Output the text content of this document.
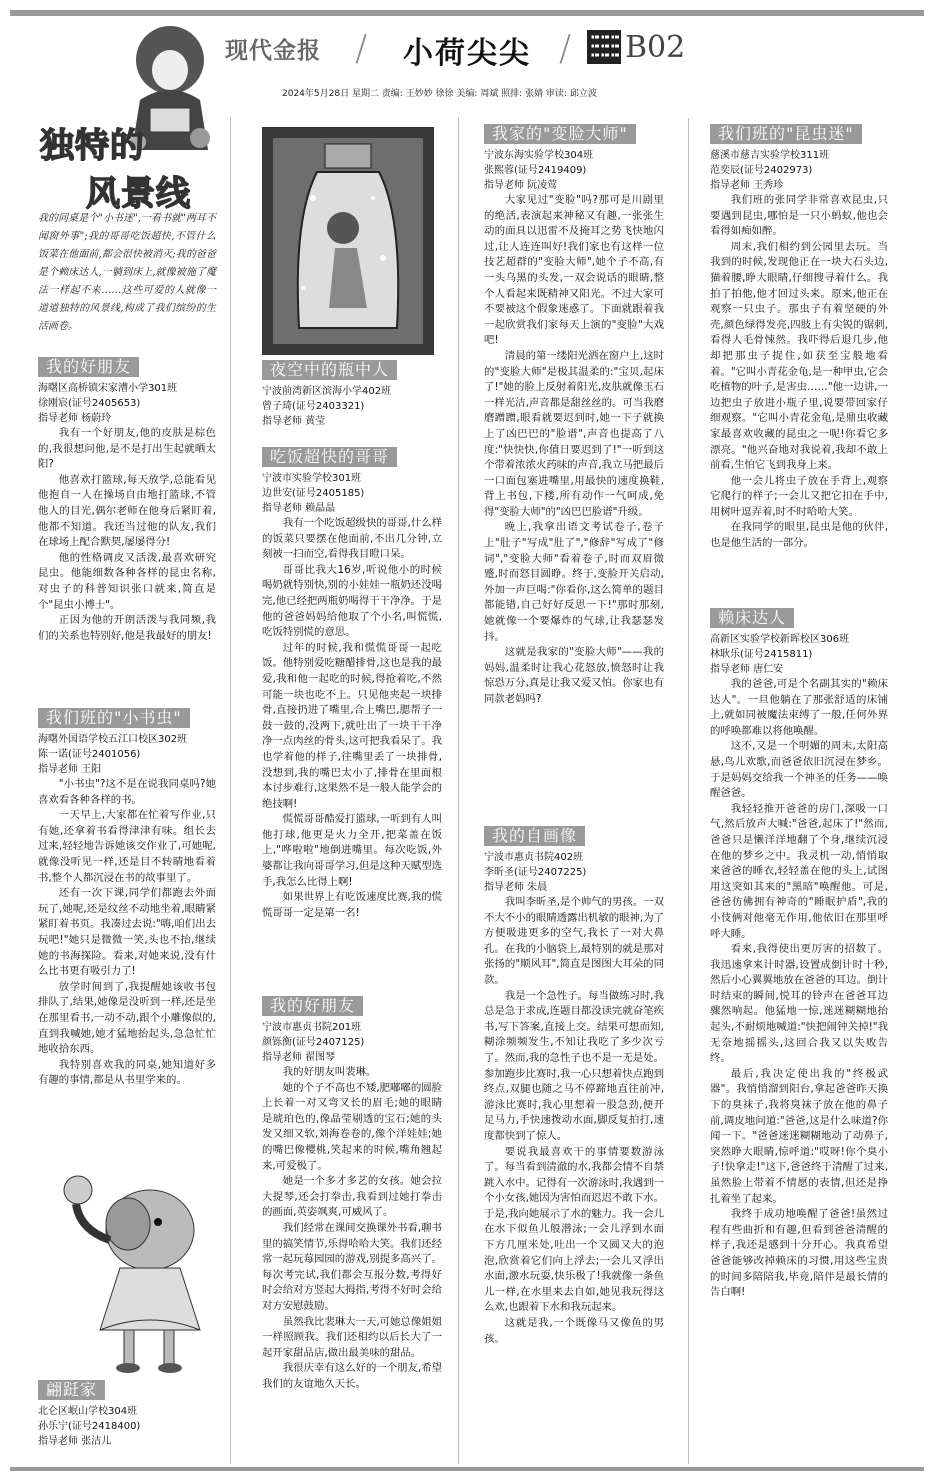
现代金报 / 小荷尖尖 / B02
2024年5月28日 星期二 责编: 王妙妙 徐徐 美编: 周斌 照排: 张婧 审读: 邱立波
独特的
风景线
我的同桌是个"小书迷",一看书就"两耳不闻窗外事";我的哥哥吃饭超快,不管什么饭菜在他面前,都会很快被消灭;我的爸爸是个赖床达人,一躺到床上,就像被施了魔法一样起不来……这些可爱的人就像一道道独特的风景线,构成了我们缤纷的生活画卷。
我的好朋友
海曙区高桥镇宋家漕小学301班
徐刚宸(证号2405653)
指导老师 杨蔚玲

我有一个好朋友,他的皮肤是棕色的,我很想问他,是不是打出生起就晒太阳?

他喜欢打篮球,每天放学,总能看见他抱自一人在操场自由地打篮球,不管他人的目光,偶尔老师在他身后紧盯着,他都不知道。我还当过他的队友,我们在球场上配合默契,屡屡得分!

他的性格调皮又活泼,最喜欢研究昆虫。他能细数各种各样的昆虫名称,对虫子的科普知识张口就来,简直是个"昆虫小博士"。

正因为他的开朗活泼与我同频,我们的关系也特别好,他是我最好的朋友!

我们班的"小书虫"
海曙外国语学校五江口校区302班
陈一诺(证号2401056)
指导老师 王阳

"小书虫"?这不是在说我同桌吗?她喜欢看各种各样的书。

一天早上,大家都在忙着写作业,只有她,还拿着书看得津津有味。组长去过来,轻轻地告诉她该交作业了,可她呢,就像没听见一样,还是目不转睛地看着书,整个人都沉浸在书的故事里了。

还有一次下课,同学们都跑去外面玩了,她呢,还是纹丝不动地坐着,眼睛紧紧盯着书页。我凑过去说:"嗨,咱们出去玩吧!"她只是微微一笑,头也不抬,继续她的书海探险。看来,对她来说,没有什么比书更有吸引力了!

放学时间到了,我提醒她该收书包排队了,结果,她像是没听到一样,还是坐在那里看书,一动不动,跟个小雕像似的,直到我喊她,她才猛地抬起头,急急忙忙地收拾东西。

我特别喜欢我的同桌,她知道好多有趣的事情,都是从书里学来的。

翩跹家
北仑区岷山学校304班
孙乐宁(证号2418400)
指导老师 张洁儿
夜空中的瓶中人
宁波前湾新区滨海小学402班
曾子琦(证号2403321)
指导老师 黄莹
吃饭超快的哥哥
宁波市实验学校301班
边世安(证号2405185)
指导老师 赖晶晶

我有一个吃饭超级快的哥哥,什么样的饭菜只要摆在他面前,不出几分钟,立刻被一扫而空,看得我目瞪口呆。

哥哥比我大16岁,听说他小的时候喝奶就特别快,别的小娃娃一瓶奶还没喝完,他已经把两瓶奶喝得干干净净。于是他的爸爸妈妈给他取了个小名,叫慌慌,吃饭特别慌的意思。

过年的时候,我和慌慌哥哥一起吃饭。他特别爱吃糖醋排骨,这也是我的最爱,我和他一起吃的时候,得抢着吃,不然可能一块也吃不上。只见他夹起一块排骨,直接扔进了嘴里,合上嘴巴,腮帮子一鼓一鼓的,没两下,就吐出了一块干干净净一点肉丝的骨头,这可把我看呆了。我也学着他的样子,往嘴里丢了一块排骨,没想到,我的嘴巴太小了,排骨在里面根本讨步难行,这果然不是一般人能学会的绝技啊!

慌慌哥哥酷爱打篮球,一听到有人叫他打球,他更是火力全开,把菜盖在饭上,"哗啦啦"地倒进嘴里。每次吃饭,外婆都让我向哥哥学习,但是这种天赋型选手,我怎么比得上啊!

如果世界上有吃饭速度比赛,我的慌慌哥哥一定是第一名!

我的好朋友
宁波市惠贞书院201班
颜铄衡(证号2407125)
指导老师 翟图琴

我的好朋友叫裴琳。

她的个子不高也不矮,肥嘟嘟的圆脸上长着一对又弯又长的眉毛;她的眼睛是琥珀色的,像晶莹剔透的宝石;她的头发又细又软,刘海卷卷的,像个洋娃娃;她的嘴巴像樱桃,笑起来的时候,嘴角翘起来,可爱极了。

她是一个多才多艺的女孩。她会拉大提琴,还会打拳击,我看到过她打拳击的画面,英姿飒爽,可威风了。

我们经常在课间交换课外书看,聊书里的搞笑情节,乐得哈哈大笑。我们还经常一起玩莓园园的游戏,别提多高兴了。每次考完试,我们都会互报分数,考得好时会给对方竖起大拇指,考得不好时会给对方安慰鼓励。

虽然我比裴琳大一天,可她总像姐姐一样照顾我。我们还相约以后长大了一起开家甜品店,做出最美味的甜品。

我很庆幸有这么好的一个朋友,希望我们的友谊地久天长。

我家的"变脸大师"
宁波东海实验学校304班
张熙蓉(证号2419409)
指导老师 阮凌莺

大家见过"变脸"吗?那可是川剧里的绝活,表演起来神秘又有趣,一张张生动的面具以迅雷不及掩耳之势飞快地闪过,让人连连叫好!我们家也有这样一位技艺超群的"变脸大师",她个子不高,有一头乌黑的头发,一双会说话的眼睛,整个人看起来既精神又阳光。不过大家可不要被这个假象迷惑了。下面就跟着我一起欣赏我们家每天上演的"变脸"大戏吧!

清晨的第一缕阳光洒在窗户上,这时的"变脸大师"是极其温柔的:"宝贝,起床了!"她的脸上反射着阳光,皮肤就像玉石一样光洁,声音都是甜丝丝的。可当我磨磨蹭蹭,眼看就要迟到时,她一下子就换上了凶巴巴的"脸谱",声音也提高了八度:"快快快,你值日要迟到了!"一听到这个带着浓浓火药味的声音,我立马把最后一口面包塞进嘴里,用最快的速度换鞋,背上书包,下楼,所有动作一气呵成,免得"变脸大师"的"凶巴巴脸谱"升级。

晚上,我拿出语文考试卷子,卷子上"肚子"写成"肚了","修辞"写成了"修词","变脸大师"看着卷子,时而双眉微蹙,时而怒目圆睁。终于,变脸开关启动,外加一声巨喝:"你看你,这么简单的题目都能错,自己好好反思一下!"那时那刻,她就像一个要爆炸的气球,让我瑟瑟发抖。

这就是我家的"变脸大师"——我的妈妈,温柔时让我心花怒放,愤怒时让我惊恐万分,真是让我又爱又怕。你家也有同款老妈吗?

我的自画像
宁波市惠贞书院402班
李昕圣(证号2407225)
指导老师 朱晨

我叫李昕圣,是个帅气的男孩。一双不大不小的眼睛透露出机敏的眼神,为了方便吸进更多的空气,我长了一对大鼻孔。在我的小脑袋上,最特别的就是那对张扬的"顺风耳",简直是图图大耳朵的同款。

我是一个急性子。每当做练习时,我总是急于求成,连题目都没读完就奋笔疾书,写下答案,直接上交。结果可想而知,糊涂频频发生,不知让我吃了多少次亏了。然而,我的急性子也不是一无是处。参加跑步比赛时,我一心只想着快点跑到终点,双腿也随之马不停蹄地直往前冲,游泳比赛时,我心里想着一股急劲,便开足马力,手快速拨动水面,脚反复拍打,速度都快到了惊人。

要说我最喜欢干的事情要数游泳了。每当看到清澈的水,我都会情不自禁跳入水中。记得有一次游泳时,我遇到一个小女孩,她因为害怕而迟迟不敢下水。于是,我向她展示了水的魅力。我一会儿在水下似鱼儿般潜泳;一会儿浮到水面下方几厘米处,吐出一个又圆又大的泡泡,欣赏着它们向上浮去;一会儿又浮出水面,激水玩耍,快乐极了!我就像一条鱼儿一样,在水里来去自如,她见我玩得这么欢,也跟着下水和我玩起来。

这就是我,一个既像马又像鱼的男孩。

我们班的"昆虫迷"
慈溪市慈吉实验学校311班
范奕辰(证号2402973)
指导老师 王秀珍

我们班的张同学非常喜欢昆虫,只要遇到昆虫,哪怕是一只小蚂蚁,他也会看得如痴如醉。

周末,我们相约到公园里去玩。当我到的时候,发现他正在一块大石头边,猫着腰,睁大眼睛,仔细搜寻着什么。我拍了拍他,他才回过头来。原来,他正在观察一只虫子。那虫子有着坚硬的外壳,颜色绿得发亮,四肢上有尖锐的锯刺,看得人毛骨悚然。我吓得后退几步,他却把那虫子捉住,如获至宝般地看着。"它叫小青花金龟,是一种甲虫,它会吃植物的叶子,是害虫……"他一边讲,一边把虫子放进小瓶子里,说要带回家仔细观察。"它叫小青花金龟,是鼎虫收藏家最喜欢收藏的昆虫之一呢!你看它多漂亮。"他兴奋地对我说着,我却不敢上前看,生怕它飞到我身上来。

他一会儿将虫子放在手背上,观察它爬行的样子;一会儿又把它扣在手中,用树叶逗弄着,时不时哈哈大笑。

在我同学的眼里,昆虫是他的伙伴,也是他生活的一部分。

赖床达人
高新区实验学校新晖校区306班
林耿乐(证号2415811)
指导老师 唐仁安

我的爸爸,可是个名副其实的"赖床达人"。一旦他躺在了那张舒适的床铺上,就如同被魔法束缚了一般,任何外界的呼唤都难以将他唤醒。

这不,又是一个明媚的周末,太阳高悬,鸟儿欢歌,而爸爸依旧沉浸在梦乡。于是妈妈交给我一个神圣的任务——唤醒爸爸。

我轻轻推开爸爸的房门,深吸一口气,然后放声大喊:"爸爸,起床了!"然而,爸爸只是懒洋洋地翻了个身,继续沉浸在他的梦乡之中。我灵机一动,悄悄取来爸爸的睡衣,轻轻盖在他的头上,试图用这突如其来的"黑暗"唤醒他。可是,爸爸仿佛拥有神奇的"睡眠护盾",我的小伎俩对他毫无作用,他依旧在那里呼呼大睡。

看来,我得使出更厉害的招数了。我迅速拿来计时器,设置成倒计时十秒,然后小心翼翼地放在爸爸的耳边。倒计时结束的瞬间,悦耳的铃声在爸爸耳边骤然响起。他猛地一惊,迷迷糊糊地抬起头,不耐烦地喊道:"快把闹钟关掉!"我无奈地摇摇头,这回合我又以失败告终。

最后,我决定使出我的"终极武器"。我悄悄溜到阳台,拿起爸爸昨天换下的臭袜子,我将臭袜子放在他的鼻子前,调皮地问道:"爸爸,这是什么味道?你闻一下。"爸爸迷迷糊糊地动了动鼻子,突然睁大眼睛,惊呼道:"哎呀!你个臭小子!快拿走!"这下,爸爸终于清醒了过来,虽然脸上带着不情愿的表情,但还是挣扎着坐了起来。

我终于成功地唤醒了爸爸!虽然过程有些曲折和有趣,但看到爸爸清醒的样子,我还是感到十分开心。我真希望爸爸能够改掉赖床的习惯,用这些宝贵的时间多陪陪我,毕竟,陪伴是最长情的告白啊!
